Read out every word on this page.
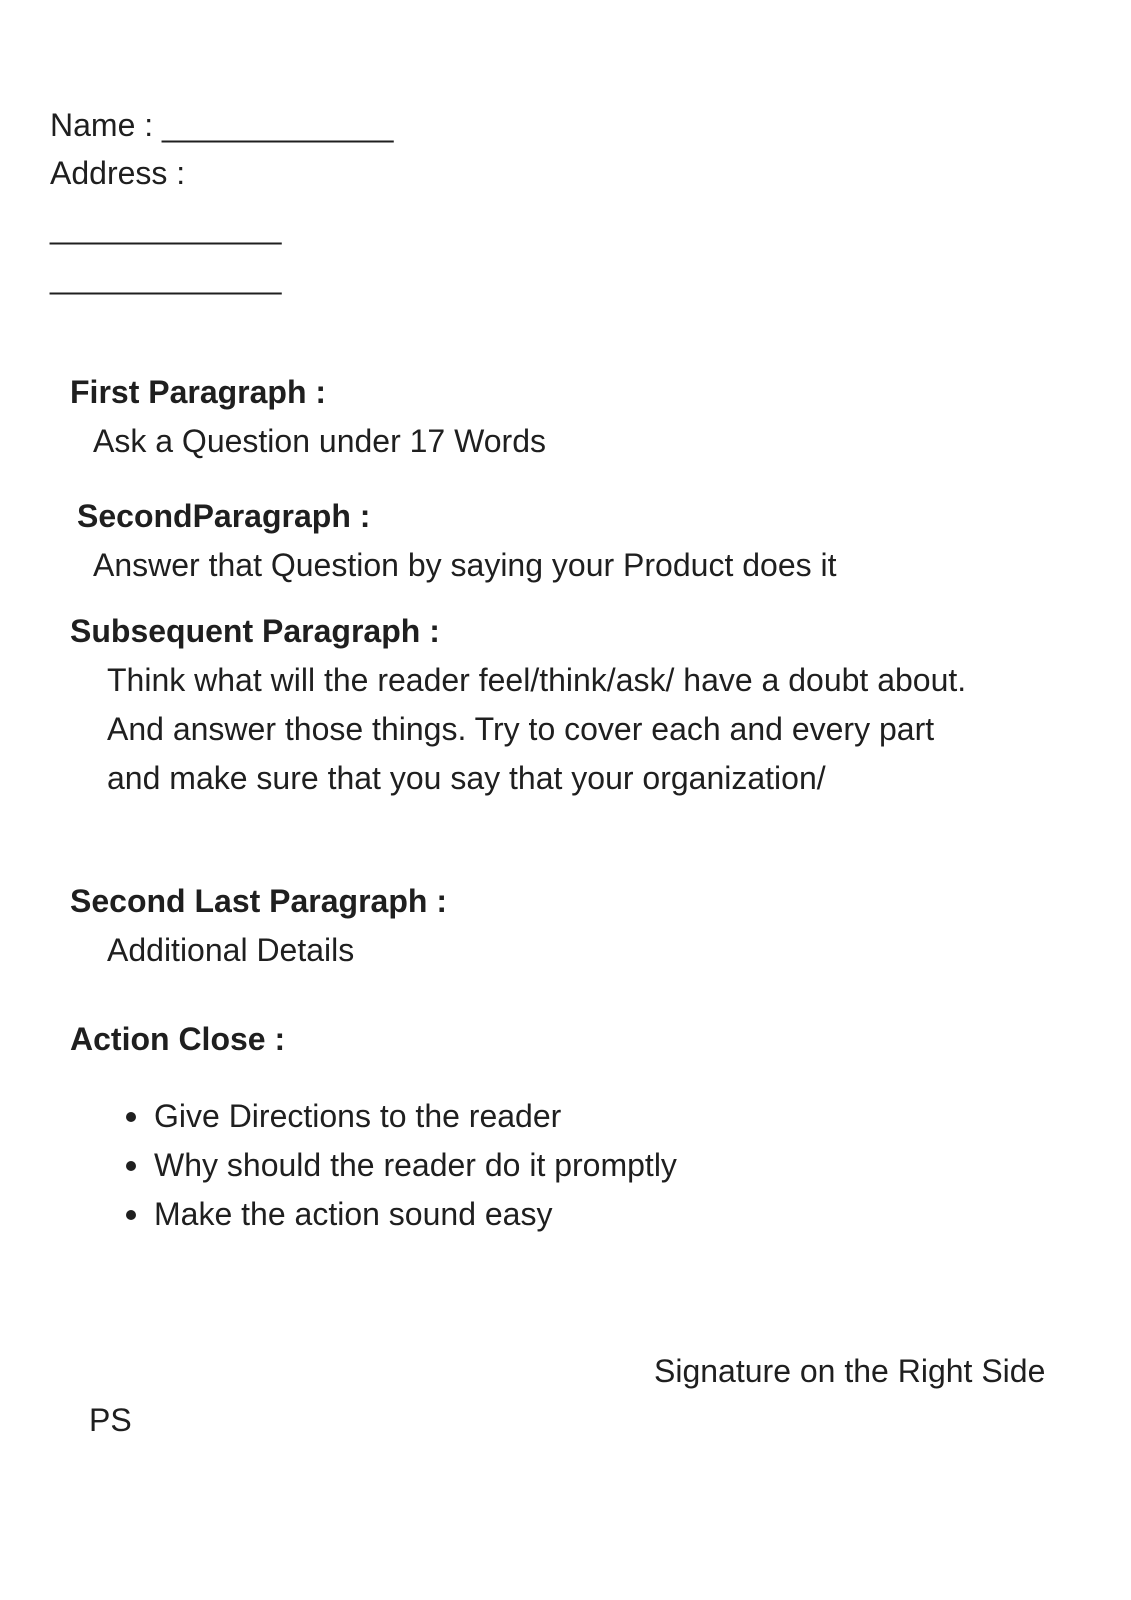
Name : _____________
Address :
_____________
_____________
First Paragraph :
Ask a Question under 17 Words
SecondParagraph :
Answer that Question by saying your Product does it
Subsequent Paragraph :
Think what will the reader feel/think/ask/ have a doubt about. And answer those things. Try to cover each and every part and make sure that you say that your organization/
Second Last Paragraph :
Additional Details
Action Close :
Give Directions to the reader
Why should the reader do it promptly
Make the action sound easy
Signature on the Right Side
PS
